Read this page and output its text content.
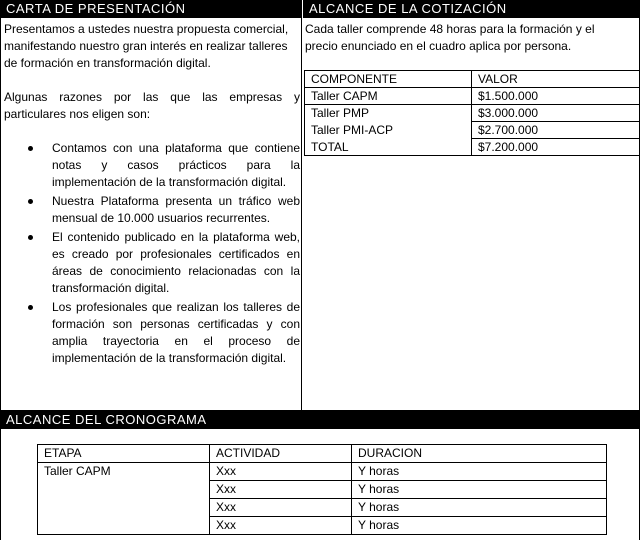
CARTA DE PRESENTACIÓN	ALCANCE DE LA COTIZACIÓN

Presentamos a ustedes nuestra propuesta comercial,

manifestando nuestro gran interés en realizar talleres

de formación en transformación digital.

Algunas razones por las que las empresas y particulares nos eligen son:

Contamos con una plataforma que contiene notas y casos prácticos para la implementación de la transformación digital.
Nuestra Plataforma presenta un tráfico web mensual de 10.000 usuarios recurrentes.
El contenido publicado en la plataforma web, es creado por profesionales certificados en áreas de conocimiento relacionadas con la transformación digital.
Los profesionales que realizan los talleres de formación son personas certificadas y con amplia trayectoria en el proceso de implementación de la transformación digital.

Cada taller comprende 48 horas para la formación y el

precio enunciado en el cuadro aplica por persona.

COMPONENTE	VALOR
Taller CAPM	$1.500.000
Taller PMP	$3.000.000
Taller PMI-ACP	$2.700.000
TOTAL	$7.200.000
ALCANCE DEL CRONOGRAMA
ETAPA	ACTIVIDAD	DURACION
Taller CAPM	Xxx	Y horas
	Xxx	Y horas
	Xxx	Y horas
	Xxx	Y horas
